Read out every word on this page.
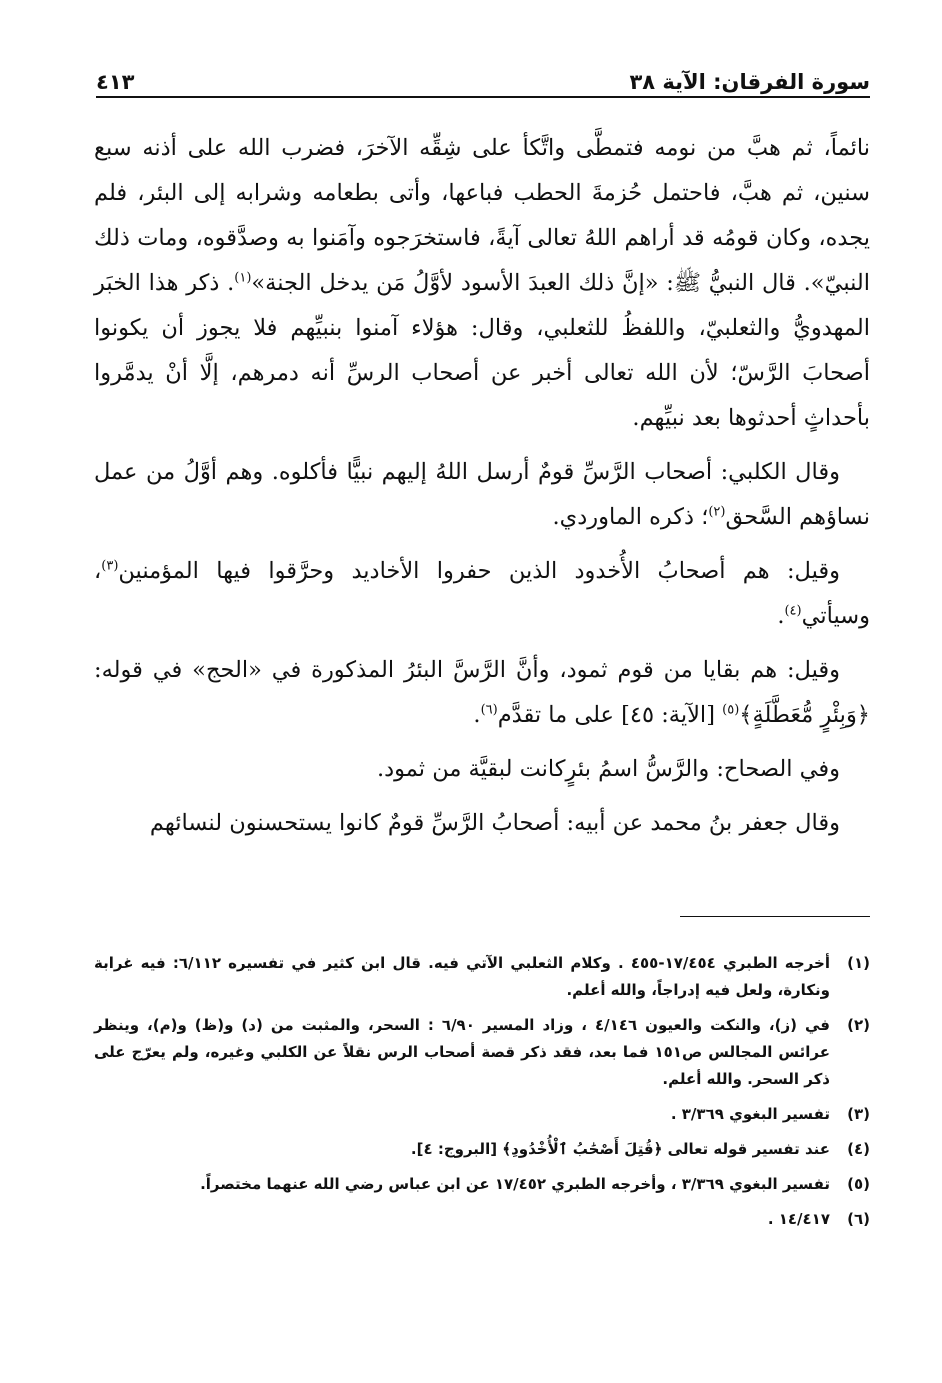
سورة الفرقان: الآية ٣٨
٤١٣

نائماً، ثم هبَّ من نومه فتمطَّى واتَّكأ على شِقِّه الآخرَ، فضرب الله على أذنه سبع سنين، ثم هبَّ، فاحتمل حُزمةَ الحطب فباعها، وأتى بطعامه وشرابه إلى البئر، فلم يجده، وكان قومُه قد أراهم اللهُ تعالى آيةً، فاستخرَجوه وآمَنوا به وصدَّقوه، ومات ذلك النبيّ». قال النبيُّ ﷺ: «إنَّ ذلك العبدَ الأسود لأوَّلُ مَن يدخل الجنة»$^{(١)}$. ذكر هذا الخبَر المهدويُّ والثعلبيّ، واللفظُ للثعلبي، وقال: هؤلاء آمنوا بنبيِّهم فلا يجوز أن يكونوا أصحابَ الرَّسّ؛ لأن الله تعالى أخبر عن أصحاب الرسِّ أنه دمرهم، إلَّا أنْ يدمَّروا بأحداثٍ أحدثوها بعد نبيِّهم.

وقال الكلبي: أصحاب الرَّسِّ قومٌ أرسل اللهُ إليهم نبيًّا فأكلوه. وهم أوَّلُ من عمل نساؤهم السَّحق$^{(٢)}$؛ ذكره الماوردي.

وقيل: هم أصحابُ الأُخدود الذين حفروا الأخاديد وحرَّقوا فيها المؤمنين$^{(٣)}$، وسيأتي$^{(٤)}$.

وقيل: هم بقايا من قوم ثمود، وأنَّ الرَّسَّ البئرُ المذكورة في «الحج» في قوله: ﴿وَبِئْرٍ مُّعَطَّلَةٍ﴾$^{(٥)}$ [الآية: ٤٥] على ما تقدَّم$^{(٦)}$.

وفي الصحاح: والرَّسُّ اسمُ بئرٍكانت لبقيَّة من ثمود.

وقال جعفر بنُ محمد عن أبيه: أصحابُ الرَّسِّ قومٌ كانوا يستحسنون لنسائهم

(١)
أخرجه الطبري ١٧/٤٥٤-٤٥٥ . وكلام الثعلبي الآتي فيه. قال ابن كثير في تفسيره ٦/١١٢: فيه غرابة ونكارة، ولعل فيه إدراجاً، والله أعلم.
(٢)
في (ز)، والنكت والعيون ٤/١٤٦ ، وزاد المسير ٦/٩٠ : السحر، والمثبت من (د) و(ظ) و(م)، وينظر عرائس المجالس ص١٥١ فما بعد، فقد ذكر قصة أصحاب الرس نقلاً عن الكلبي وغيره، ولم يعرّج على ذكر السحر. والله أعلم.
(٣)
تفسير البغوي ٣/٣٦٩ .
(٤)
عند تفسير قوله تعالى ﴿قُتِلَ أَصْحَٰبُ ٱلْأُخْدُودِ﴾ [البروج: ٤].
(٥)
تفسير البغوي ٣/٣٦٩ ، وأخرجه الطبري ١٧/٤٥٢ عن ابن عباس رضي الله عنهما مختصراً.
(٦)
١٤/٤١٧ .
